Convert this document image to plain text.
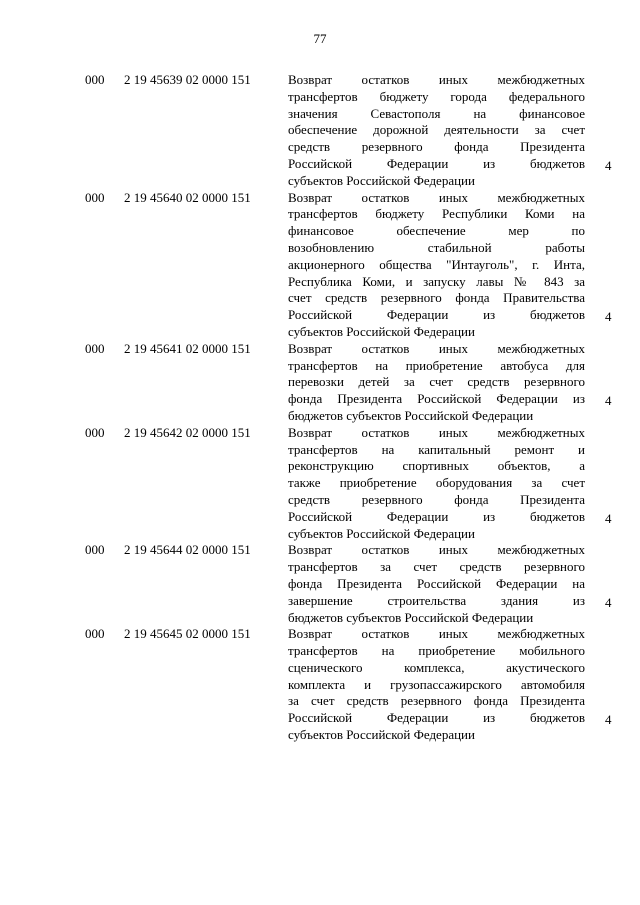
77
000 2 19 45639 02 0000 151	Возврат остатков иных межбюджетных
трансфертов бюджету города федерального
значения Севастополя на финансовое
обеспечение дорожной деятельности за счет
средств резервного фонда Президента
Российской Федерации из бюджетов
субъектов Российской Федерации
4
000 2 19 45640 02 0000 151	Возврат остатков иных межбюджетных
трансфертов бюджету Республики Коми на
финансовое обеспечение мер по
возобновлению стабильной работы
акционерного общества "Интауголь", г. Инта,
Республика Коми, и запуску лавы № 843 за
счет средств резервного фонда Правительства
Российской Федерации из бюджетов
субъектов Российской Федерации
4
000 2 19 45641 02 0000 151	Возврат остатков иных межбюджетных
трансфертов на приобретение автобуса для
перевозки детей за счет средств резервного
фонда Президента Российской Федерации из
бюджетов субъектов Российской Федерации
4
000 2 19 45642 02 0000 151	Возврат остатков иных межбюджетных
трансфертов на капитальный ремонт и
реконструкцию спортивных объектов, а
также приобретение оборудования за счет
средств резервного фонда Президента
Российской Федерации из бюджетов
субъектов Российской Федерации
4
000 2 19 45644 02 0000 151	Возврат остатков иных межбюджетных
трансфертов за счет средств резервного
фонда Президента Российской Федерации на
завершение строительства здания из
бюджетов субъектов Российской Федерации
4
000 2 19 45645 02 0000 151	Возврат остатков иных межбюджетных
трансфертов на приобретение мобильного
сценического комплекса, акустического
комплекта и грузопассажирского автомобиля
за счет средств резервного фонда Президента
Российской Федерации из бюджетов
субъектов Российской Федерации
4
